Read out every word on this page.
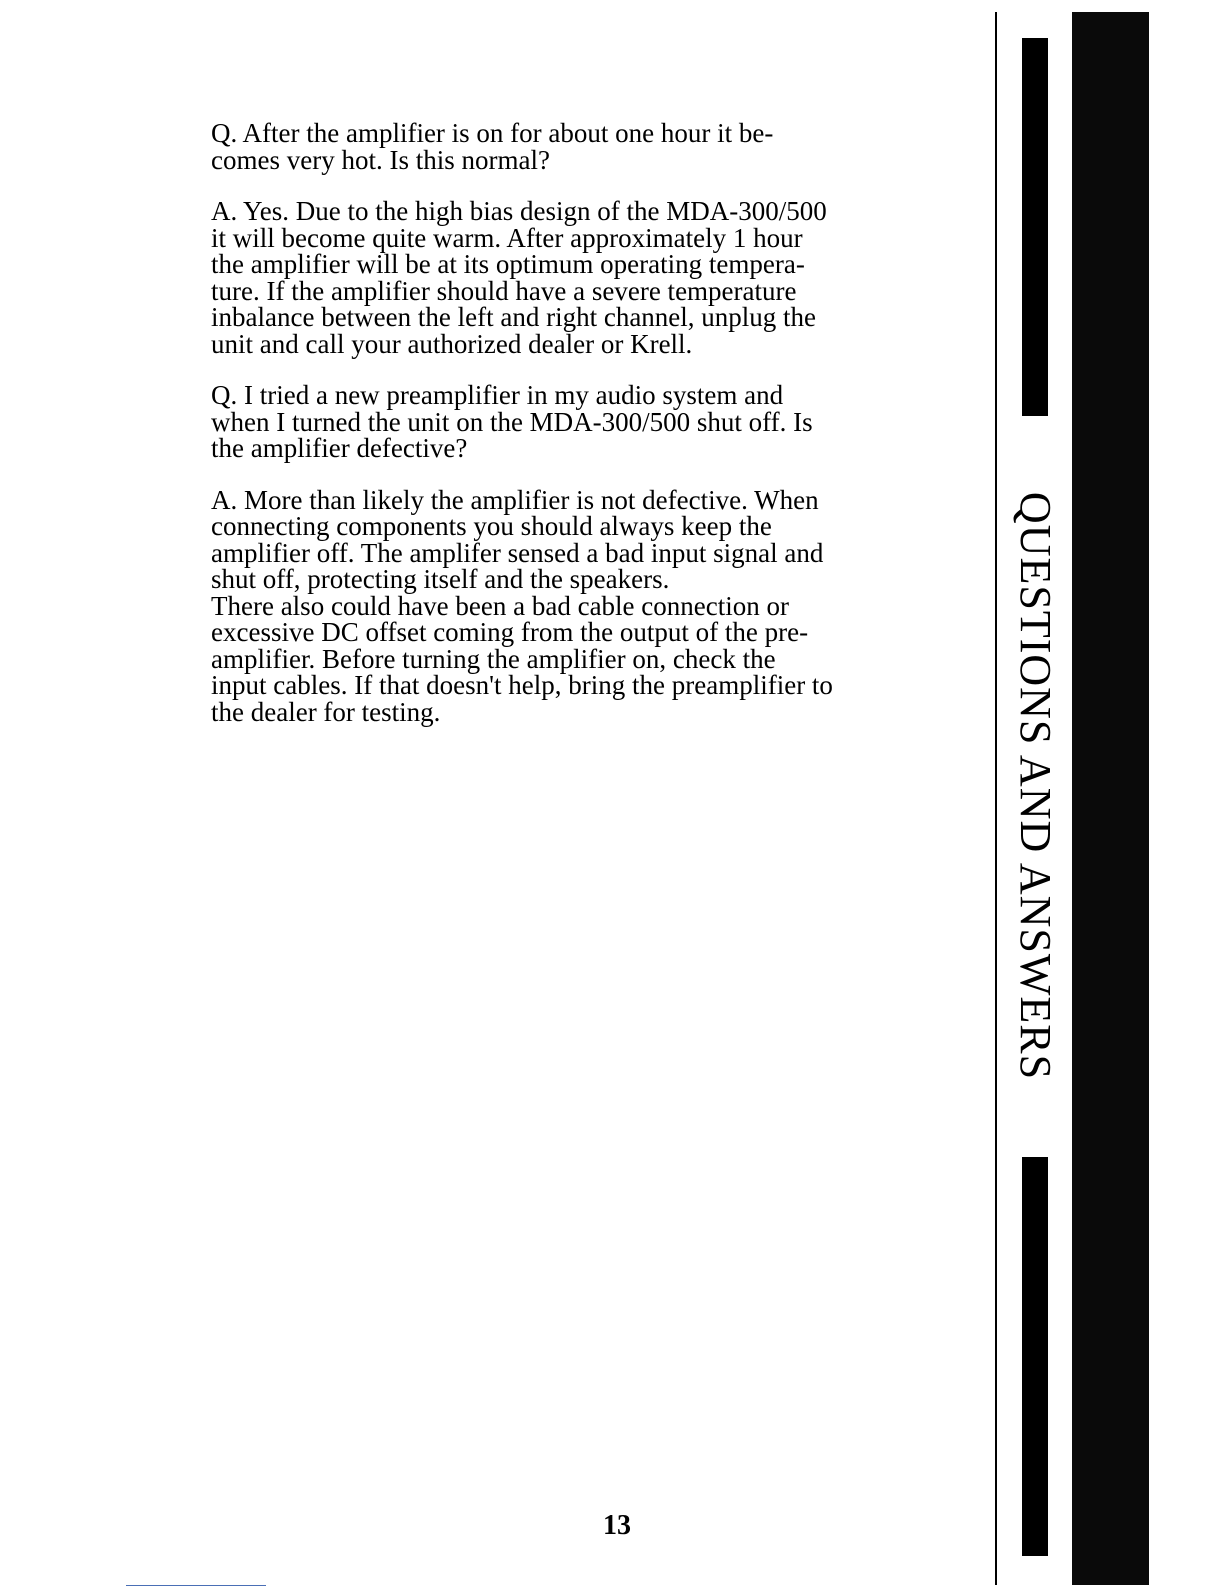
Q. After the amplifier is on for about one hour it be-
comes very hot. Is this normal?

A. Yes. Due to the high bias design of the MDA-300/500
it will become quite warm. After approximately 1 hour
the amplifier will be at its optimum operating tempera-
ture. If the amplifier should have a severe temperature
inbalance between the left and right channel, unplug the
unit and call your authorized dealer or Krell.

Q. I tried a new preamplifier in my audio system and
when I turned the unit on the MDA-300/500 shut off. Is
the amplifier defective?

A. More than likely the amplifier is not defective. When
connecting components you should always keep the
amplifier off. The amplifer sensed a bad input signal and
shut off, protecting itself and the speakers.
There also could have been a bad cable connection or
excessive DC offset coming from the output of the pre-
amplifier. Before turning the amplifier on, check the
input cables. If that doesn't help, bring the preamplifier to
the dealer for testing.

13
QUESTIONS AND ANSWERS
